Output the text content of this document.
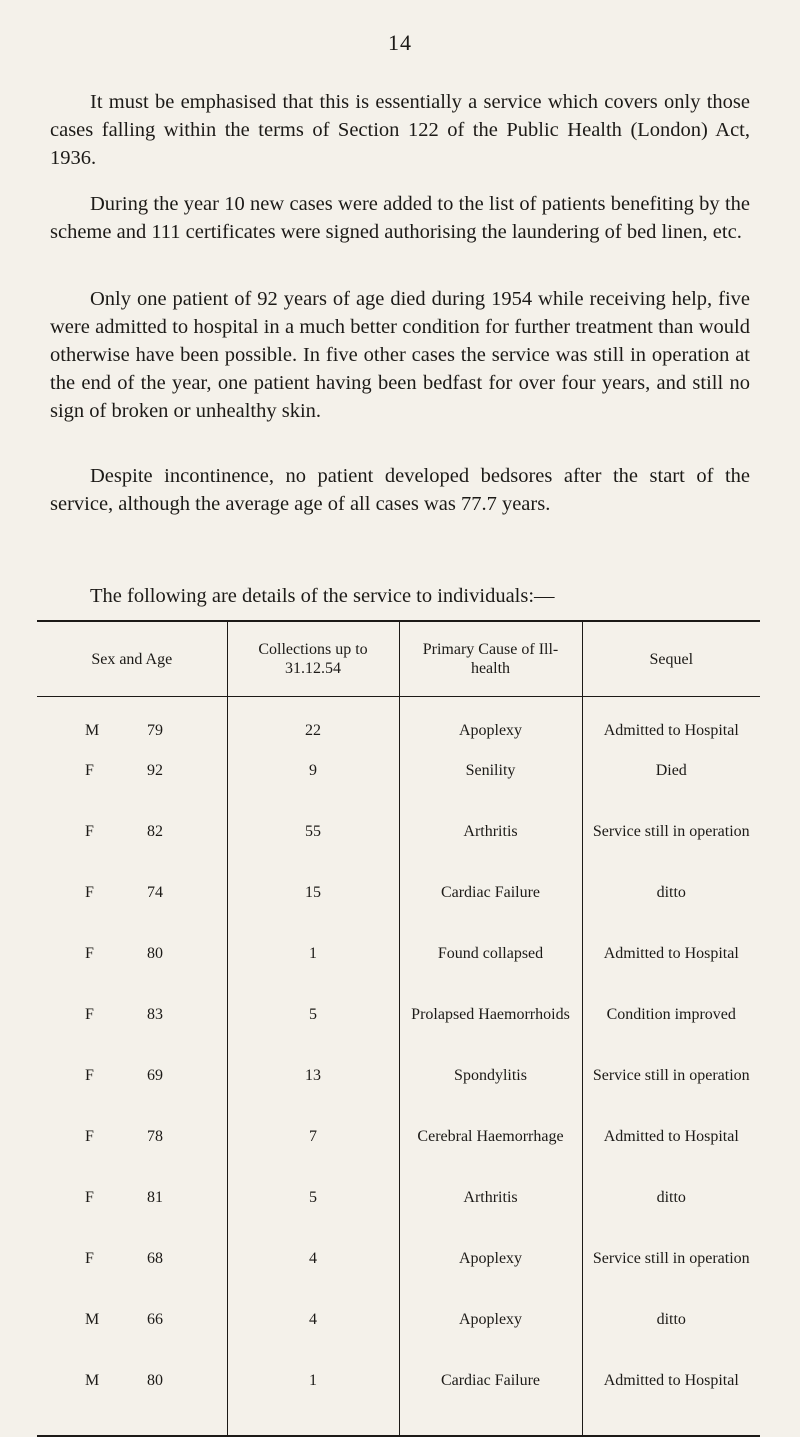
14

It must be emphasised that this is essentially a service which covers only those cases falling within the terms of Section 122 of the Public Health (London) Act, 1936.

During the year 10 new cases were added to the list of patients benefiting by the scheme and 111 certificates were signed authorising the laundering of bed linen, etc.

Only one patient of 92 years of age died during 1954 while receiving help, five were admitted to hospital in a much better condition for further treatment than would otherwise have been possible. In five other cases the service was still in operation at the end of the year, one patient having been bedfast for over four years, and still no sign of broken or unhealthy skin.

Despite incontinence, no patient developed bedsores after the start of the service, although the average age of all cases was 77.7 years.

The following are details of the service to individuals:—

Sex and Age	Collections up to 31.12.54	Primary Cause of Ill-health	Sequel

M 79	22	Apoplexy	Admitted to Hospital

F 92	9	Senility	Died

F 82	55	Arthritis	Service still in operation

F 74	15	Cardiac Failure	ditto

F 80	1	Found collapsed	Admitted to Hospital

F 83	5	Prolapsed Haemorrhoids	Condition improved

F 69	13	Spondylitis	Service still in operation

F 78	7	Cerebral Haemorrhage	Admitted to Hospital

F 81	5	Arthritis	ditto

F 68	4	Apoplexy	Service still in operation

M 66	4	Apoplexy	ditto

M 80	1	Cardiac Failure	Admitted to Hospital
